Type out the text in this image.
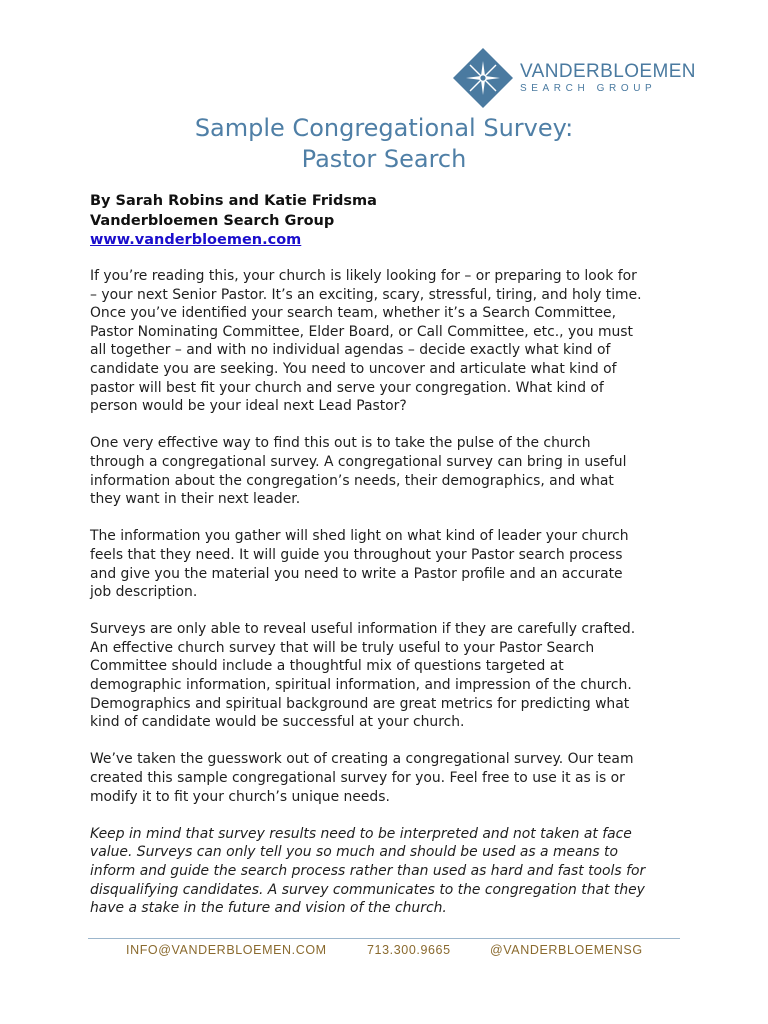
VANDERBLOEMEN
SEARCH GROUP
Sample Congregational Survey:
Pastor Search
By Sarah Robins and Katie Fridsma
Vanderbloemen Search Group
www.vanderbloemen.com

If you’re reading this, your church is likely looking for – or preparing to look for
– your next Senior Pastor. It’s an exciting, scary, stressful, tiring, and holy time.
Once you’ve identified your search team, whether it’s a Search Committee,
Pastor Nominating Committee, Elder Board, or Call Committee, etc., you must
all together – and with no individual agendas – decide exactly what kind of
candidate you are seeking. You need to uncover and articulate what kind of
pastor will best fit your church and serve your congregation. What kind of
person would be your ideal next Lead Pastor?

One very effective way to find this out is to take the pulse of the church
through a congregational survey. A congregational survey can bring in useful
information about the congregation’s needs, their demographics, and what
they want in their next leader.

The information you gather will shed light on what kind of leader your church
feels that they need. It will guide you throughout your Pastor search process
and give you the material you need to write a Pastor profile and an accurate
job description.

Surveys are only able to reveal useful information if they are carefully crafted.
An effective church survey that will be truly useful to your Pastor Search
Committee should include a thoughtful mix of questions targeted at
demographic information, spiritual information, and impression of the church.
Demographics and spiritual background are great metrics for predicting what
kind of candidate would be successful at your church.

We’ve taken the guesswork out of creating a congregational survey. Our team
created this sample congregational survey for you. Feel free to use it as is or
modify it to fit your church’s unique needs.

Keep in mind that survey results need to be interpreted and not taken at face
value. Surveys can only tell you so much and should be used as a means to
inform and guide the search process rather than used as hard and fast tools for
disqualifying candidates. A survey communicates to the congregation that they
have a stake in the future and vision of the church.

INFO@VANDERBLOEMEN.COM	713.300.9665	@VANDERBLOEMENSG
